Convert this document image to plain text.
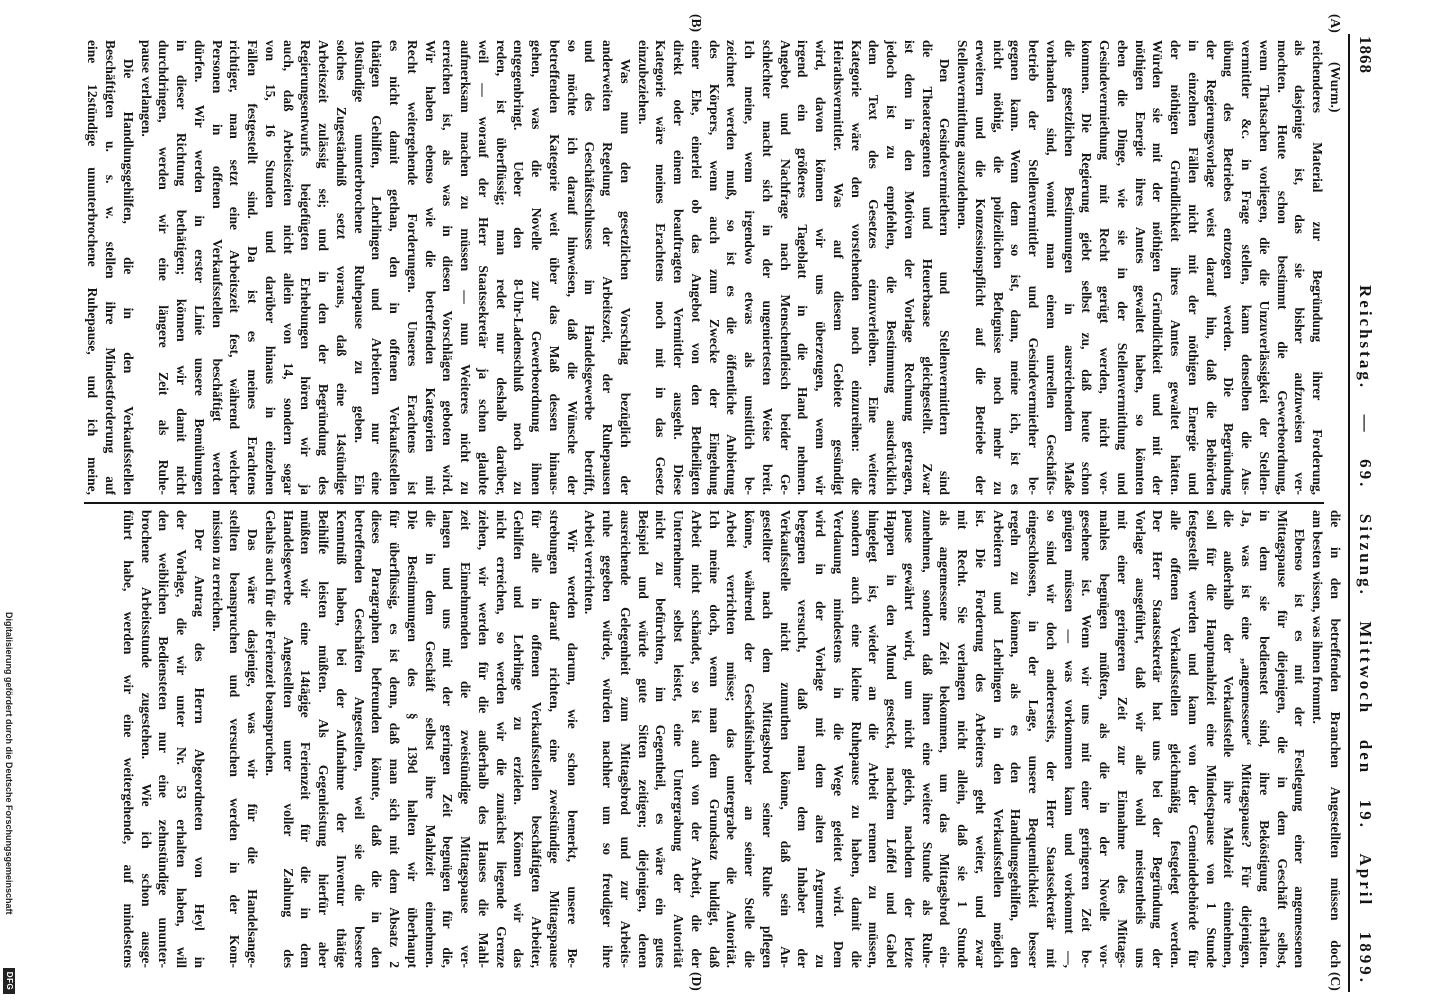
1868
Reichstag. — 69. Sitzung. Mittwoch den 19. April 1899.
(A)
(B)
(C)
(D)
(Wurm.)
reichenderes Material zur Begründung ihrer Forderung,
als dasjenige ist, das sie bisher aufzuweisen ver-
mochten. Heute schon bestimmt die Gewerbeordnung,
wenn Thatsachen vorliegen, die die Unzuverlässigkeit der Stellen-
vermittler &c. in Frage stellen, kann denselben die Aus-
übung des Betriebes entzogen werden. Die Begründung
der Regierungsvorlage weist darauf hin, daß die Behörden
in einzelnen Fällen nicht mit der nöthigen Energie und
der nöthigen Gründlichkeit ihres Amtes gewaltet hätten.
Würden sie mit der nöthigen Gründlichkeit und mit der
nöthigen Energie ihres Amtes gewaltet haben, so könnten
eben die Dinge, wie sie in der Stellenvermittlung und
Gesindevermiethung mit Recht gerügt werden, nicht vor-
kommen. Die Regierung giebt selbst zu, daß heute schon
die gesetzlichen Bestimmungen in ausreichendem Maße
vorhanden sind, womit man einem unreellen Geschäfts-
betrieb der Stellenvermittler und Gesindevermiether be-
gegnen kann. Wenn dem so ist, dann, meine ich, ist es
nicht nöthig, die polizeilichen Befugnisse noch mehr zu
erweitern und die Konzessionspflicht auf die Betriebe der
Stellenvermittlung auszudehnen.
Den Gesindevermiethern und Stellenvermittlern sind
die Theateragenten und Heuerbaase gleichgestellt. Zwar
ist dem in den Motiven der Vorlage Rechnung getragen,
jedoch ist zu empfehlen, die Bestimmung ausdrücklich
dem Text des Gesetzes einzuverleiben. Eine weitere
Kategorie wäre den vorstehenden noch einzureihen: die
Heirathsvermittler. Was auf diesem Gebiete gesündigt
wird, davon können wir uns überzeugen, wenn wir
irgend ein größeres Tageblatt in die Hand nehmen.
Angebot und Nachfrage nach Menschenfleisch beider Ge-
schlechter macht sich in der ungeniertesten Weise breit.
Ich meine, wenn irgendwo etwas als unsittlich be-
zeichnet werden muß, so ist es die öffentliche Anbietung
des Körpers, wenn auch zum Zwecke der Eingehung
einer Ehe, einerlei ob das Angebot von den Betheiligten
direkt oder einem beauftragten Vermittler ausgeht. Diese
Kategorie wäre meines Erachtens noch mit in das Gesetz
einzubeziehen.
Was nun den gesetzlichen Vorschlag bezüglich der
anderweiten Regelung der Arbeitszeit, der Ruhepausen
und des Geschäftsschlusses im Handelsgewerbe betrifft,
so möchte ich darauf hinweisen, daß die Wünsche der
betreffenden Kategorie weit über das Maß dessen hinaus-
gehen, was die Novelle zur Gewerbeordnung ihnen
entgegenbringt. Ueber den 8-Uhr-Ladenschluß noch zu
reden, ist überflüssig; man redet nur deshalb darüber,
weil — worauf der Herr Staatssekretär ja schon glaubte
aufmerksam machen zu müssen — nun Weiteres nicht zu
erreichen ist, als was in diesen Vorschlägen geboten wird.
Wir haben ebenso wie die betreffenden Kategorien mit
Recht weitergehende Forderungen. Unseres Erachtens ist
es nicht damit gethan, den in offenen Verkaufsstellen
thätigen Gehilfen, Lehrlingen und Arbeitern nur eine
10stündige ununterbrochene Ruhepause zu geben. Ein
solches Zugeständniß setzt voraus, daß eine 14stündige
Arbeitszeit zulässig sei; und in den der Begründung des
Regierungsentwurfs beigefügten Erhebungen hören wir ja
auch, daß Arbeitszeiten nicht allein von 14, sondern sogar
von 15, 16 Stunden und darüber hinaus in einzelnen
Fällen festgestellt sind. Da ist es meines Erachtens
richtiger, man setzt eine Arbeitszeit fest, während welcher
Personen in offenen Verkaufsstellen beschäftigt werden
dürfen. Wir werden in erster Linie unsere Bemühungen
in dieser Richtung bethätigen; können wir damit nicht
durchdringen, werden wir eine längere Zeit als Ruhe-
pause verlangen.
Die Handlungsgehilfen, die in den Verkaufsstellen
Beschäftigten u. s. w. stellen ihre Mindestforderung auf
eine 12stündige ununterbrochene Ruhepause, und ich meine,
die in den betreffenden Branchen Angestellten müssen doch
am besten wissen, was ihnen frommt.
Ebenso ist es mit der Festlegung einer angemessenen
Mittagspause für diejenigen, die in dem Geschäft selbst,
in dem sie bedienstet sind, ihre Beköstigung erhalten.
Ja, was ist eine „angemessene“ Mittagspause? Für diejenigen,
die außerhalb der Verkaufsstelle ihre Mahlzeit einnehmen,
soll für die Hauptmahlzeit eine Mindestpause von 1 Stunde
festgestellt werden und kann von der Gemeindebehörde für
alle offenen Verkaufsstellen gleichmäßig festgelegt werden.
Der Herr Staatssekretär hat uns bei der Begründung der
Vorlage ausgeführt, daß wir alle wohl meistentheils uns
mit einer geringeren Zeit zur Einnahme des Mittags-
mahles begnügen müßten, als die in der Novelle vor-
gesehene ist. Wenn wir uns mit einer geringeren Zeit be-
gnügen müssen — was vorkommen kann und vorkommt —,
so sind wir doch andererseits, der Herr Staatssekretär mit
eingeschlossen, in der Lage, unsere Bequemlichkeit besser
regeln zu können, als es den Handlungsgehilfen, den
Arbeitern und Lehrlingen in den Verkaufsstellen möglich
ist. Die Forderung des Arbeiters geht weiter, und zwar
mit Recht. Sie verlangen nicht allein, daß sie 1 Stunde
als angemessene Zeit bekommen, um das Mittagsbrod ein-
zunehmen, sondern daß ihnen eine weitere Stunde als Ruhe-
pause gewährt wird, um nicht gleich, nachdem der letzte
Happen in den Mund gesteckt, nachdem Löffel und Gabel
hingelegt ist, wieder an die Arbeit rennen zu müssen,
sondern auch eine kleine Ruhepause zu haben, damit die
Verdauung mindestens in die Wege geleitet wird. Dem
wird in der Vorlage mit dem alten Argument zu
begegnen versucht, daß man dem Inhaber der
Verkaufsstelle nicht zumuthen könne, daß sein An-
gestellter nach dem Mittagsbrod seiner Ruhe pflegen
könne, während der Geschäftsinhaber an seiner Stelle die
Arbeit verrichten müsse; das untergrabe die Autorität.
Ich meine doch, wenn man dem Grundsatz huldigt, daß
Arbeit nicht schändet, so ist auch von der Arbeit, die der
Unternehmer selbst leistet, eine Untergrabung der Autorität
nicht zu befürchten, im Gegentheil, es wäre ein gutes
Beispiel und würde gute Sitten zeitigen; diejenigen, denen
ausreichende Gelegenheit zum Mittagsbrod und zur Arbeits-
ruhe gegeben würde, würden nachher um so freudiger ihre
Arbeit verrichten.
Wir werden darum, wie schon bemerkt, unsere Be-
strebungen darauf richten, eine zweistündige Mittagspause
für alle in offenen Verkaufsstellen beschäftigten Arbeiter,
Gehilfen und Lehrlinge zu erzielen. Können wir das
nicht erreichen, so werden wir die zunächst liegende Grenze
ziehen, wir werden für die außerhalb des Hauses die Mahl-
zeit Einnehmenden die zweistündige Mittagspause ver-
langen und uns mit der geringen Zeit begnügen für die,
die in dem Geschäft selbst ihre Mahlzeit einnehmen.
Die Bestimmungen des § 139d halten wir überhaupt
für überflüssig, es ist denn, daß man sich mit dem Absatz 2
dieses Paragraphen befreunden könnte, daß die in den
betreffenden Geschäften Angestellten, weil sie die bessere
Kenntniß haben, bei der Aufnahme der Inventur thätige
Beihilfe leisten müßten. Als Gegenleistung hierfür aber
müßten wir eine 14tägige Ferienzeit für die in dem
Handelsgewerbe Angestellten unter voller Zahlung des
Gehalts auch für die Ferienzeit beanspruchen.
Das wäre dasjenige, was wir für die Handelsange-
stellten beanspruchen und versuchen werden in der Kom-
mission zu erreichen.
Der Antrag des Herrn Abgeordneten von Heyl in
der Vorlage, die wir unter Nr. 53 erhalten haben, will
den weiblichen Bediensteten nur eine zehnstündige ununter-
brochene Arbeitsstunde zugestehen. Wie ich schon ausge-
führt habe, werden wir eine weitergehende, auf mindestens
Digitalisierung gefördert durch die Deutsche Forschungsgemeinschaft
DFG
